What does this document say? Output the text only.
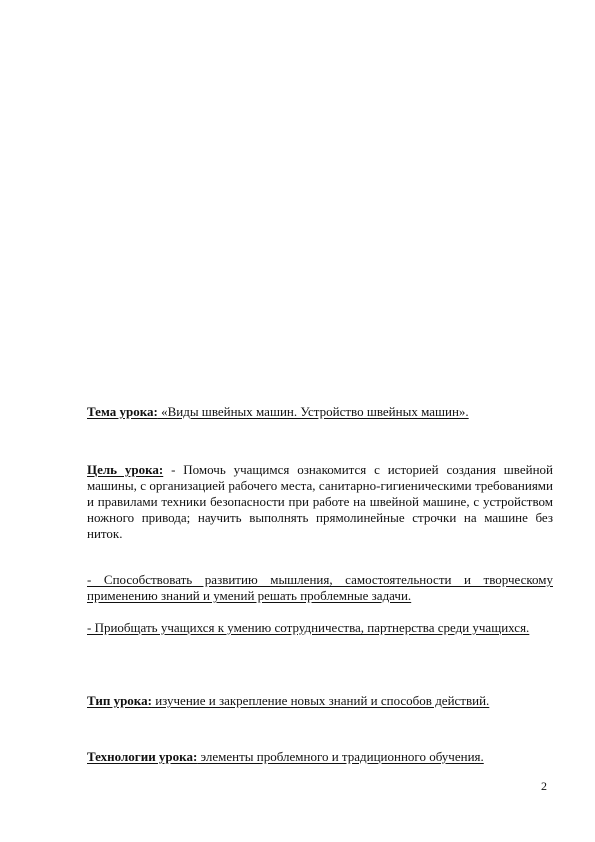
Тема урока: «Виды швейных машин. Устройство швейных машин».

Цель урока: - Помочь учащимся ознакомится с историей создания швейной машины, с организацией рабочего места, санитарно-гигиеническими требованиями и правилами техники безопасности при работе на швейной машине, с устройством ножного привода; научить выполнять прямолинейные строчки на машине без ниток.

- Способствовать развитию мышления, самостоятельности и творческому применению знаний и умений решать проблемные задачи.

- Приобщать учащихся к умению сотрудничества, партнерства среди учащихся.

Тип урока: изучение и закрепление новых знаний и способов действий.

Технологии урока: элементы проблемного и традиционного обучения.

2
